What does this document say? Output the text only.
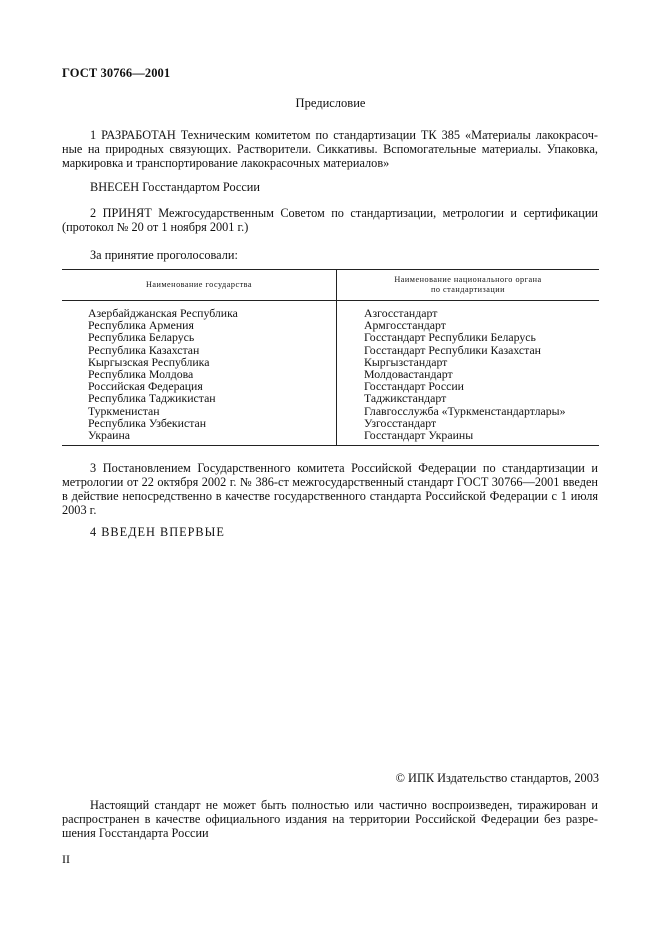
ГОСТ 30766—2001
Предисловие
1 РАЗРАБОТАН Техническим комитетом по стандартизации ТК 385 «Материалы лакокрасоч-ные на природных связующих. Растворители. Сиккативы. Вспомогательные материалы. Упаковка, маркировка и транспортирование лакокрасочных материалов»
ВНЕСЕН Госстандартом России
2 ПРИНЯТ Межгосударственным Советом по стандартизации, метрологии и сертификации (протокол № 20 от 1 ноября 2001 г.)
За принятие проголосовали:
Наименование государства	Наименование национального органа
по стандартизации
Азербайджанская Республика	Азгосстандарт
Республика Армения	Армгосстандарт
Республика Беларусь	Госстандарт Республики Беларусь
Республика Казахстан	Госстандарт Республики Казахстан
Кыргызская Республика	Кыргызстандарт
Республика Молдова	Молдовастандарт
Российская Федерация	Госстандарт России
Республика Таджикистан	Таджикстандарт
Туркменистан	Главгосслужба «Туркменстандартлары»
Республика Узбекистан	Узгосстандарт
Украина	Госстандарт Украины
3 Постановлением Государственного комитета Российской Федерации по стандартизации и метрологии от 22 октября 2002 г. № 386-ст межгосударственный стандарт ГОСТ 30766—2001 введен в действие непосредственно в качестве государственного стандарта Российской Федерации с 1 июля 2003 г.
4 ВВЕДЕН ВПЕРВЫЕ
© ИПК Издательство стандартов, 2003
Настоящий стандарт не может быть полностью или частично воспроизведен, тиражирован и распространен в качестве официального издания на территории Российской Федерации без разре-шения Госстандарта России
II
